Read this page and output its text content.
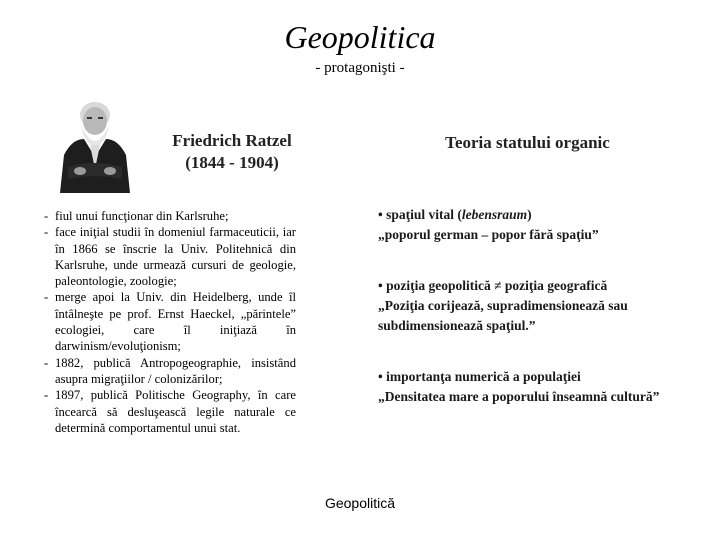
Geopolitica
- protagonişti -
Friedrich Ratzel
(1844 - 1904)
Teoria statului organic
- fiul unui funcţionar din Karlsruhe;
- face iniţial studii în domeniul farmaceuticii, iar în 1866 se înscrie la Univ. Politehnică din Karlsruhe, unde urmează cursuri de geologie, paleontologie, zoologie;
- merge apoi la Univ. din Heidelberg, unde îl întâlneşte pe prof. Ernst Haeckel, „părintele” ecologiei, care îl iniţiază în darwinism/evoluţionism;
- 1882, publică Antropogeographie, insistând asupra migraţiilor / colonizărilor;
- 1897, publică Politische Geography, în care încearcă să desluşească legile naturale ce determină comportamentul unui stat.
• spaţiul vital (lebensraum)
„poporul german – popor fără spaţiu”
• poziţia geopolitică ≠ poziţia geografică
„Poziţia corijează, supradimensionează sau subdimensionează spaţiul.”
• importanţa numerică a populaţiei
„Densitatea mare a poporului înseamnă cultură”
Geopolitică
